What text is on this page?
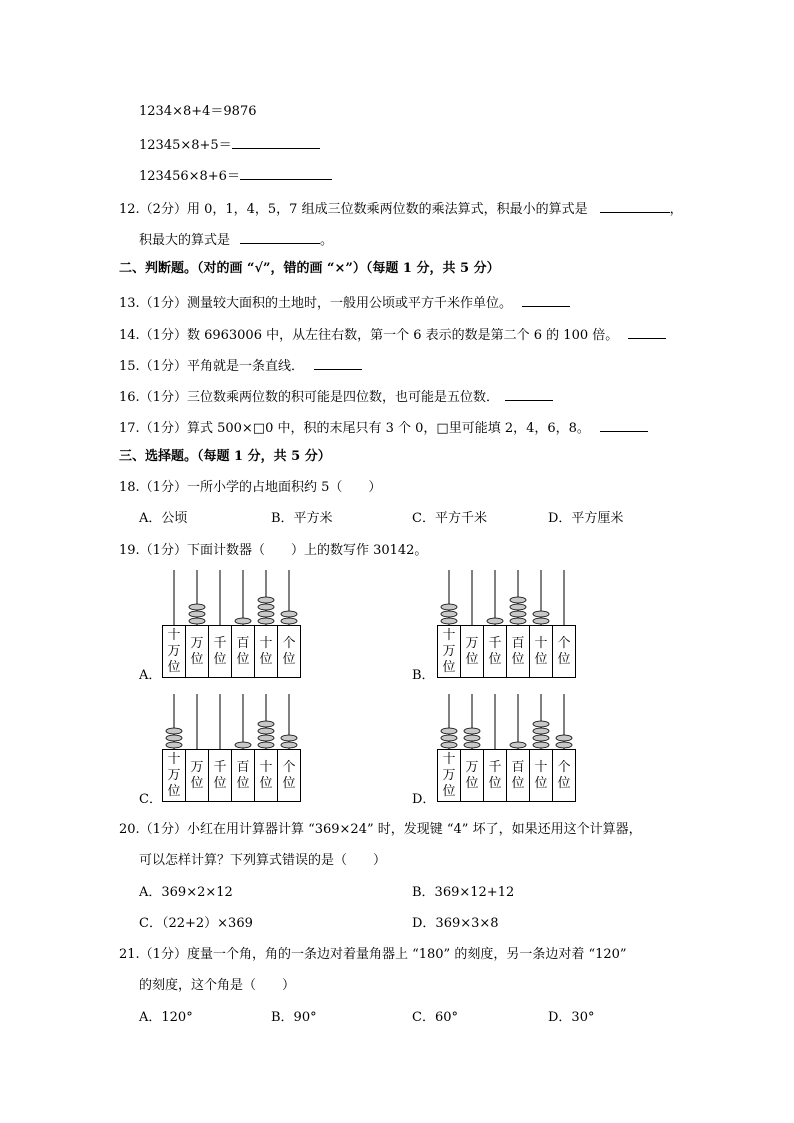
1234×8+4＝9876
12345×8+5＝
123456×8+6＝
12.（2分）用 0，1，4，5，7 组成三位数乘两位数的乘法算式，积最小的算式是	，
积最大的算式是	。
二、判断题。（对的画 “√”，错的画 “×”）（每题 1 分，共 5 分）
13.（1分）测量较大面积的土地时，一般用公顷或平方千米作单位。
14.（1分）数 6963006 中，从左往右数，第一个 6 表示的数是第二个 6 的 100 倍。
15.（1分）平角就是一条直线．
16.（1分）三位数乘两位数的积可能是四位数，也可能是五位数．
17.（1分）算式 500×□0 中，积的末尾只有 3 个 0，□里可能填 2，4，6，8。
三、选择题。（每题 1 分，共 5 分）
18.（1分）一所小学的占地面积约 5（　　）
A．公顷	B．平方米	C．平方千米	D．平方厘米
19.（1分）下面计数器（　　）上的数写作 30142。
A．
十万位
万位
千位
百位
十位
个位
B．
十万位
万位
千位
百位
十位
个位
C．
十万位
万位
千位
百位
十位
个位
D．
十万位
万位
千位
百位
十位
个位
20.（1分）小红在用计算器计算 “369×24” 时，发现键 “4” 坏了，如果还用这个计算器，
可以怎样计算？下列算式错误的是（　　）
A．369×2×12	B．369×12+12
C．（22+2）×369	D．369×3×8
21.（1分）度量一个角，角的一条边对着量角器上 “180” 的刻度，另一条边对着 “120”
的刻度，这个角是（　　）
A．120°	B．90°	C．60°	D．30°
